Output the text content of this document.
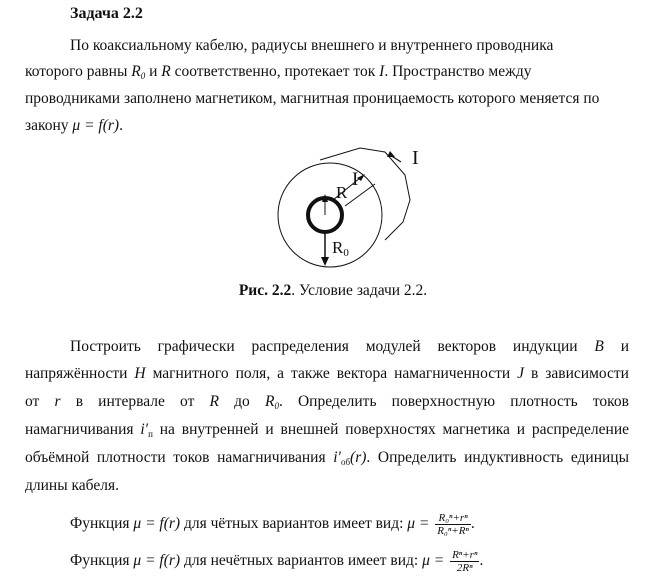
Задача 2.2
По коаксиальному кабелю, радиусы внешнего и внутреннего проводника
которого равны $R_0$ и R соответственно, протекает ток I. Пространство между
проводниками заполнено магнетиком, магнитная проницаемость которого меняется по
закону μ = f(r).
I
I
R
$R_0$
Рис. 2.2. Условие задачи 2.2.
Построить графически распределения модулей векторов индукции B и
напряжённости H магнитного поля, а также вектора намагниченности J в зависимости
от r в интервале от R до $R_0$. Определить поверхностную плотность токов
намагничивания $i'_п$ на внутренней и внешней поверхностях магнетика и распределение
объёмной плотности токов намагничивания $i'_{об}(r)$. Определить индуктивность единицы
длины кабеля.
Функция μ = f(r) для чётных вариантов имеет вид: $\mu = \frac{\text{R₀ⁿ+rⁿ}}{\text{R₀ⁿ+Rⁿ}}$ .
Функция μ = f(r) для нечётных вариантов имеет вид: $\mu = \frac{\text{Rⁿ+rⁿ}}{\text{2Rⁿ}}$ .
